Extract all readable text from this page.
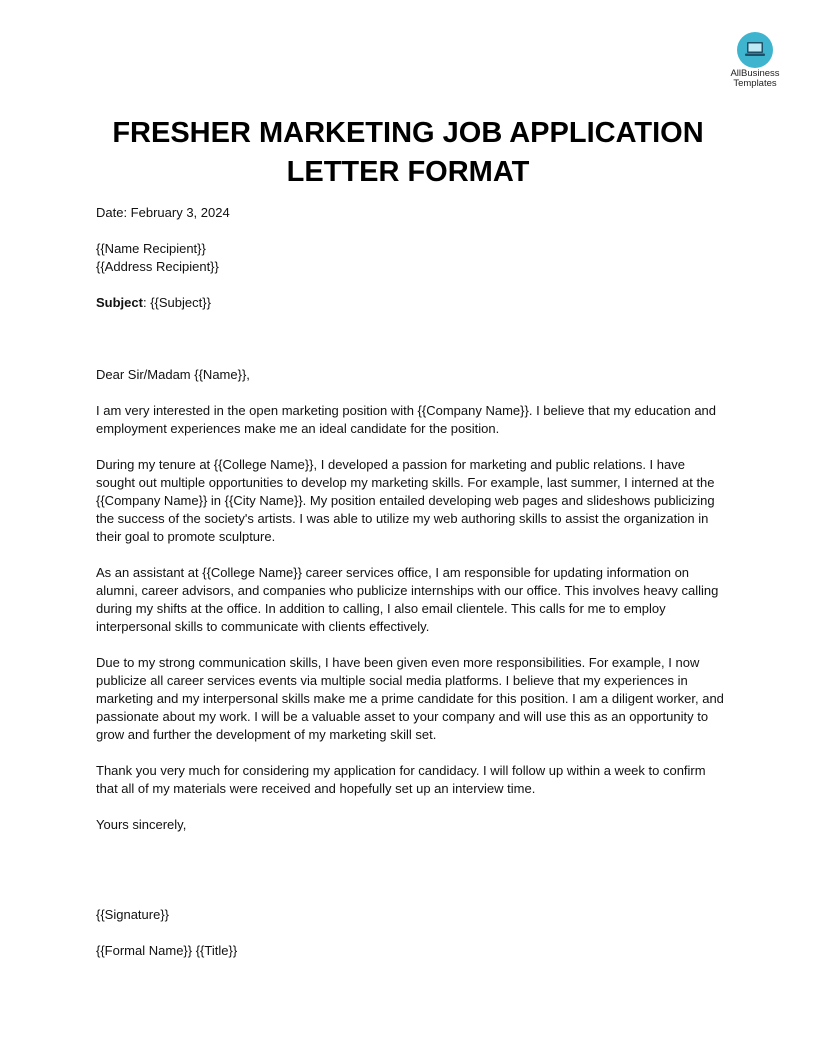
AllBusiness
Templates
FRESHER MARKETING JOB APPLICATION
LETTER FORMAT

Date: February 3, 2024

{{Name Recipient}}

{{Address Recipient}}

Subject: {{Subject}}

Dear Sir/Madam {{Name}},

I am very interested in the open marketing position with {{Company Name}}. I believe that my education and employment experiences make me an ideal candidate for the position.

During my tenure at {{College Name}}, I developed a passion for marketing and public relations. I have sought out multiple opportunities to develop my marketing skills. For example, last summer, I interned at the {{Company Name}} in {{City Name}}. My position entailed developing web pages and slideshows publicizing the success of the society's artists. I was able to utilize my web authoring skills to assist the organization in their goal to promote sculpture.

As an assistant at {{College Name}} career services office, I am responsible for updating information on alumni, career advisors, and companies who publicize internships with our office. This involves heavy calling during my shifts at the office. In addition to calling, I also email clientele. This calls for me to employ interpersonal skills to communicate with clients effectively.

Due to my strong communication skills, I have been given even more responsibilities. For example, I now publicize all career services events via multiple social media platforms. I believe that my experiences in marketing and my interpersonal skills make me a prime candidate for this position. I am a diligent worker, and passionate about my work. I will be a valuable asset to your company and will use this as an opportunity to grow and further the development of my marketing skill set.

Thank you very much for considering my application for candidacy. I will follow up within a week to confirm that all of my materials were received and hopefully set up an interview time.

Yours sincerely,

{{Signature}}

{{Formal Name}} {{Title}}
